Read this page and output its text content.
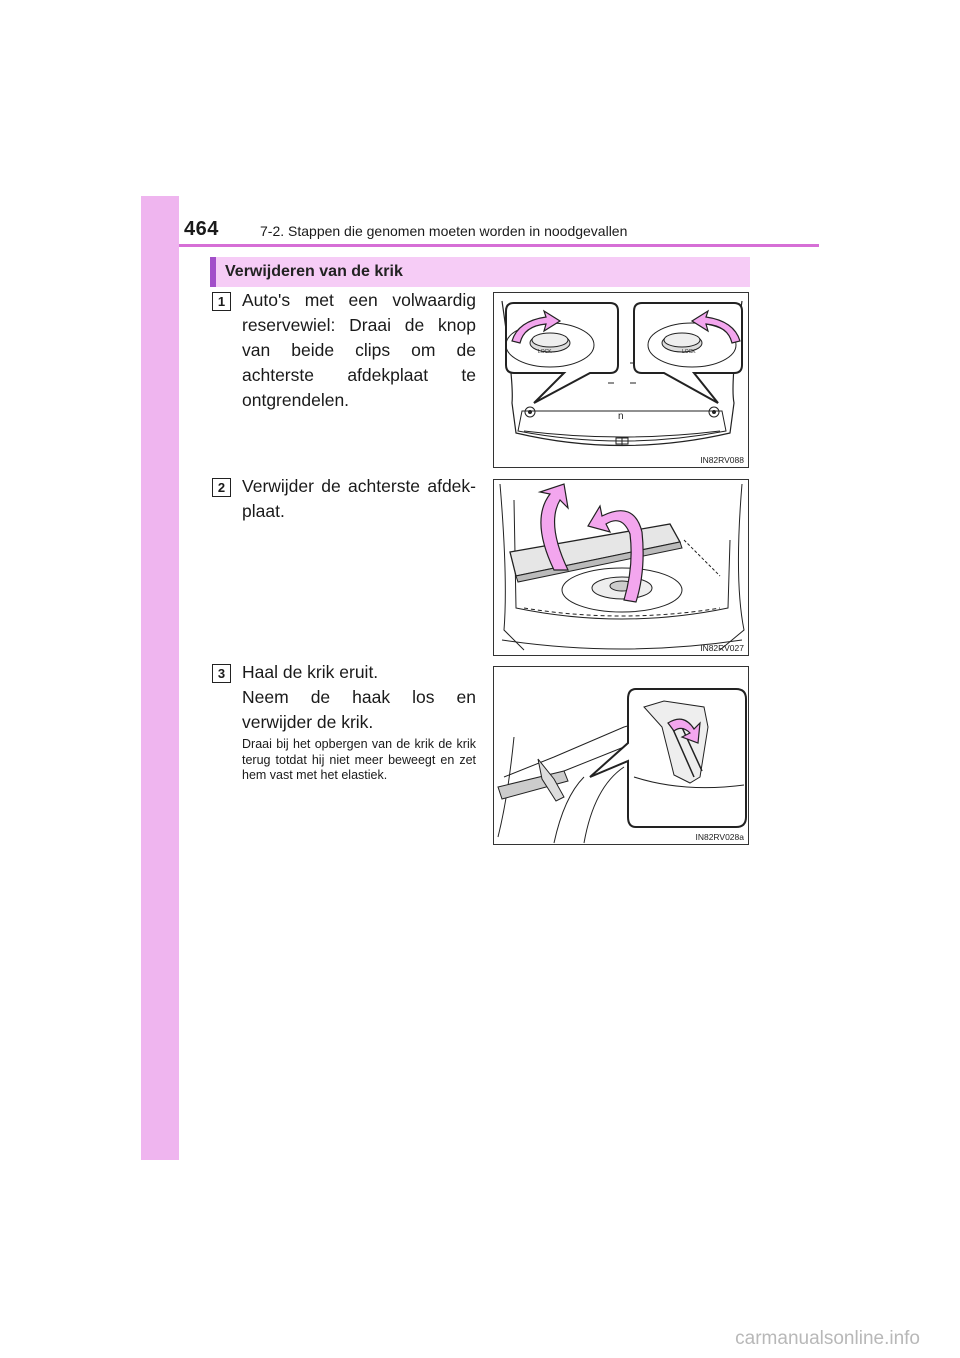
464	7-2. Stappen die genomen moeten worden in noodgevallen
Verwijderen van de krik
1 Auto's met een volwaardig reservewiel: Draai de knop van beide clips om de achterste afdekplaat te ontgrendelen.
n
LOCK	LOCK
IN82RV088
2 Verwijder de achterste afdek-plaat.
IN82RV027
3 Haal de krik eruit.
Neem de haak los en verwijder de krik.
Draai bij het opbergen van de krik de krik terug totdat hij niet meer beweegt en zet hem vast met het elastiek.
IN82RV028a
carmanualsonline.info
